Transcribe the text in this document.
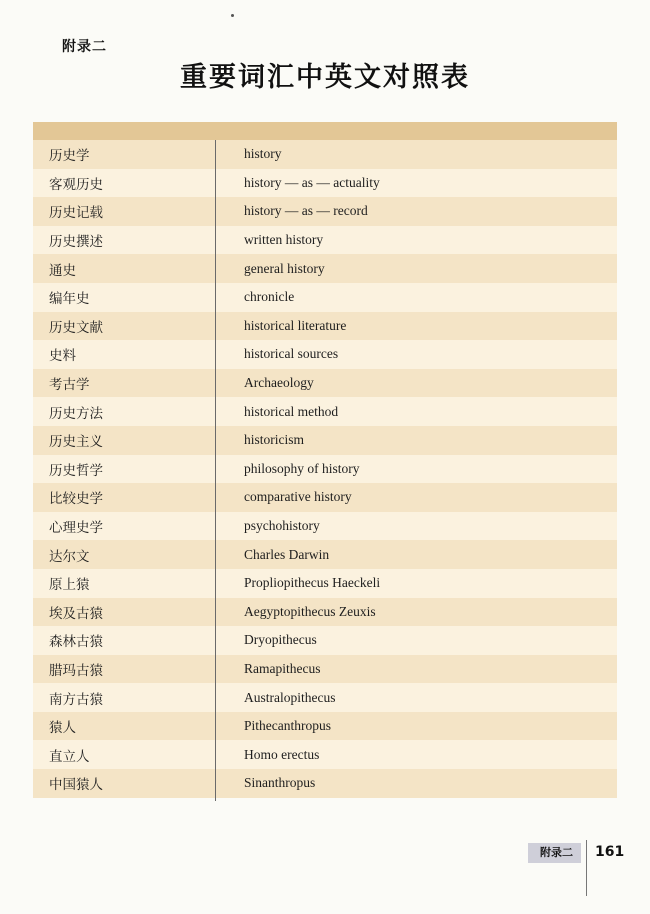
附录二
重要词汇中英文对照表
历史学	history
客观历史	history — as — actuality
历史记载	history — as — record
历史撰述	written history
通史	general history
编年史	chronicle
历史文献	historical literature
史料	historical sources
考古学	Archaeology
历史方法	historical method
历史主义	historicism
历史哲学	philosophy of history
比较史学	comparative history
心理史学	psychohistory
达尔文	Charles Darwin
原上猿	Propliopithecus Haeckeli
埃及古猿	Aegyptopithecus Zeuxis
森林古猿	Dryopithecus
腊玛古猿	Ramapithecus
南方古猿	Australopithecus
猿人	Pithecanthropus
直立人	Homo erectus
中国猿人	Sinanthropus
附录二	161
